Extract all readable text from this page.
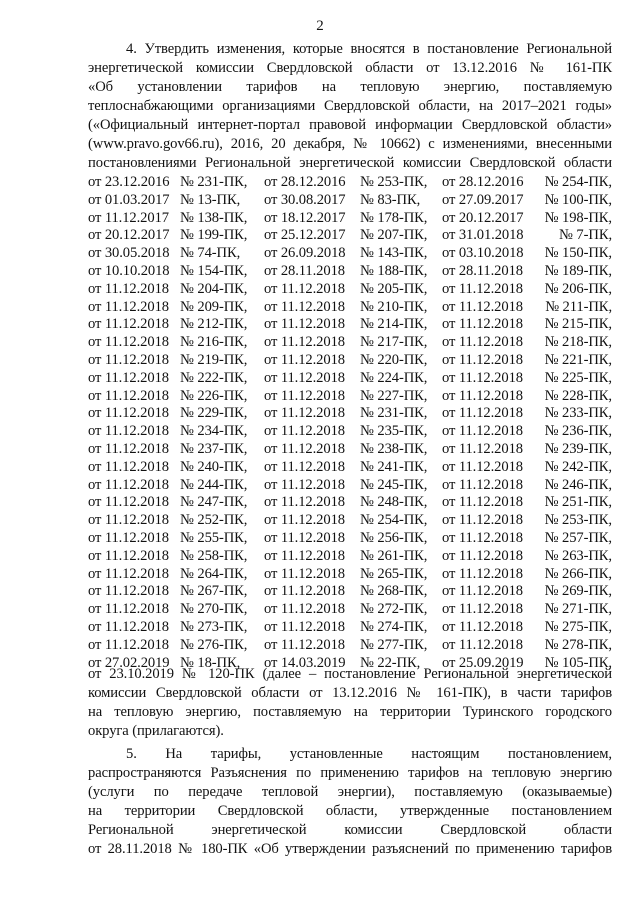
2
4. Утвердить изменения, которые вносятся в постановление Региональной
энергетической комиссии Свердловской области от 13.12.2016 № 161-ПК
«Об установлении тарифов на тепловую энергию, поставляемую
теплоснабжающими организациями Свердловской области, на 2017–2021 годы»
(«Официальный интернет-портал правовой информации Свердловской области»
(www.pravo.gov66.ru), 2016, 20 декабря, № 10662) с изменениями, внесенными
постановлениями Региональной энергетической комиссии Свердловской области
от 23.12.2016 № 231-ПК,	от 28.12.2016 № 253-ПК,	от 28.12.2016	№ 254-ПК,
от 01.03.2017 № 13-ПК,	от 30.08.2017 № 83-ПК,	от 27.09.2017	№ 100-ПК,
от 11.12.2017 № 138-ПК,	от 18.12.2017 № 178-ПК,	от 20.12.2017	№ 198-ПК,
от 20.12.2017 № 199-ПК,	от 25.12.2017 № 207-ПК,	от 31.01.2018	№ 7-ПК,
от 30.05.2018 № 74-ПК,	от 26.09.2018 № 143-ПК,	от 03.10.2018	№ 150-ПК,
от 10.10.2018 № 154-ПК,	от 28.11.2018	№ 188-ПК,	от 28.11.2018	№ 189-ПК,
от 11.12.2018 № 204-ПК,	от 11.12.2018	№ 205-ПК,	от 11.12.2018	№ 206-ПК,
от 11.12.2018 № 209-ПК,	от 11.12.2018	№ 210-ПК,	от 11.12.2018	№ 211-ПК,
от 11.12.2018 № 212-ПК,	от 11.12.2018	№ 214-ПК,	от 11.12.2018	№ 215-ПК,
от 11.12.2018 № 216-ПК,	от 11.12.2018	№ 217-ПК,	от 11.12.2018	№ 218-ПК,
от 11.12.2018 № 219-ПК,	от 11.12.2018	№ 220-ПК,	от 11.12.2018	№ 221-ПК,
от 11.12.2018 № 222-ПК,	от 11.12.2018	№ 224-ПК,	от 11.12.2018	№ 225-ПК,
от 11.12.2018 № 226-ПК,	от 11.12.2018	№ 227-ПК,	от 11.12.2018	№ 228-ПК,
от 11.12.2018 № 229-ПК,	от 11.12.2018	№ 231-ПК,	от 11.12.2018	№ 233-ПК,
от 11.12.2018 № 234-ПК,	от 11.12.2018	№ 235-ПК,	от 11.12.2018	№ 236-ПК,
от 11.12.2018 № 237-ПК,	от 11.12.2018	№ 238-ПК,	от 11.12.2018	№ 239-ПК,
от 11.12.2018 № 240-ПК,	от 11.12.2018	№ 241-ПК,	от 11.12.2018	№ 242-ПК,
от 11.12.2018 № 244-ПК,	от 11.12.2018	№ 245-ПК,	от 11.12.2018	№ 246-ПК,
от 11.12.2018 № 247-ПК,	от 11.12.2018	№ 248-ПК,	от 11.12.2018	№ 251-ПК,
от 11.12.2018 № 252-ПК,	от 11.12.2018	№ 254-ПК,	от 11.12.2018	№ 253-ПК,
от 11.12.2018 № 255-ПК,	от 11.12.2018	№ 256-ПК,	от 11.12.2018	№ 257-ПК,
от 11.12.2018 № 258-ПК,	от 11.12.2018	№ 261-ПК,	от 11.12.2018	№ 263-ПК,
от 11.12.2018 № 264-ПК,	от 11.12.2018	№ 265-ПК,	от 11.12.2018	№ 266-ПК,
от 11.12.2018 № 267-ПК,	от 11.12.2018	№ 268-ПК,	от 11.12.2018	№ 269-ПК,
от 11.12.2018 № 270-ПК,	от 11.12.2018	№ 272-ПК,	от 11.12.2018	№ 271-ПК,
от 11.12.2018 № 273-ПК,	от 11.12.2018	№ 274-ПК,	от 11.12.2018	№ 275-ПК,
от 11.12.2018 № 276-ПК,	от 11.12.2018	№ 277-ПК,	от 11.12.2018	№ 278-ПК,
от 27.02.2019 № 18-ПК,	от 14.03.2019 № 22-ПК,	от 25.09.2019	№ 105-ПК,
от 23.10.2019 № 120-ПК (далее – постановление Региональной энергетической
комиссии Свердловской области от 13.12.2016 № 161-ПК), в части тарифов
на тепловую энергию, поставляемую на территории Туринского городского
округа (прилагаются).
5. На тарифы, установленные настоящим постановлением,
распространяются Разъяснения по применению тарифов на тепловую энергию
(услуги по передаче тепловой энергии), поставляемую (оказываемые)
на территории Свердловской области, утвержденные постановлением
Региональной энергетической комиссии Свердловской области
от 28.11.2018 № 180-ПК «Об утверждении разъяснений по применению тарифов
